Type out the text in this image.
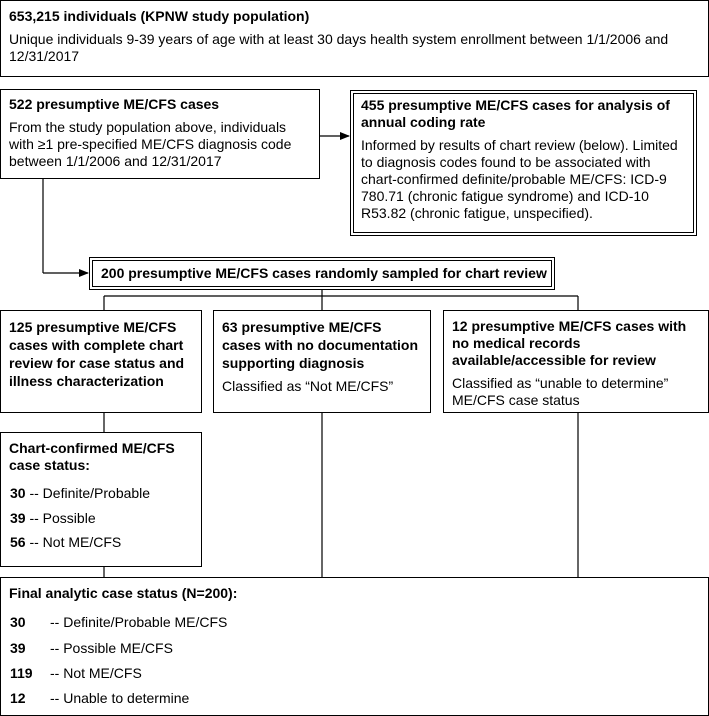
653,215 individuals (KPNW study population)

Unique individuals 9-39 years of age with at least 30 days health system enrollment between 1/1/2006 and 12/31/2017

522 presumptive ME/CFS cases

From the study population above, individuals with ≥1 pre-specified ME/CFS diagnosis code between 1/1/2006 and 12/31/2017

455 presumptive ME/CFS cases for analysis of annual coding rate

Informed by results of chart review (below). Limited to diagnosis codes found to be associated with chart-confirmed definite/probable ME/CFS: ICD-9 780.71 (chronic fatigue syndrome) and ICD-10 R53.82 (chronic fatigue, unspecified).

200 presumptive ME/CFS cases randomly sampled for chart review

125 presumptive ME/CFS cases with complete chart review for case status and illness characterization

63 presumptive ME/CFS cases with no documentation supporting diagnosis

Classified as “Not ME/CFS”

12 presumptive ME/CFS cases with no medical records available/accessible for review

Classified as “unable to determine” ME/CFS case status

Chart-confirmed ME/CFS case status:

30 -- Definite/Probable
39 -- Possible
56 -- Not ME/CFS

Final analytic case status (N=200):

30 -- Definite/Probable ME/CFS
39 -- Possible ME/CFS
119 -- Not ME/CFS
12 -- Unable to determine
